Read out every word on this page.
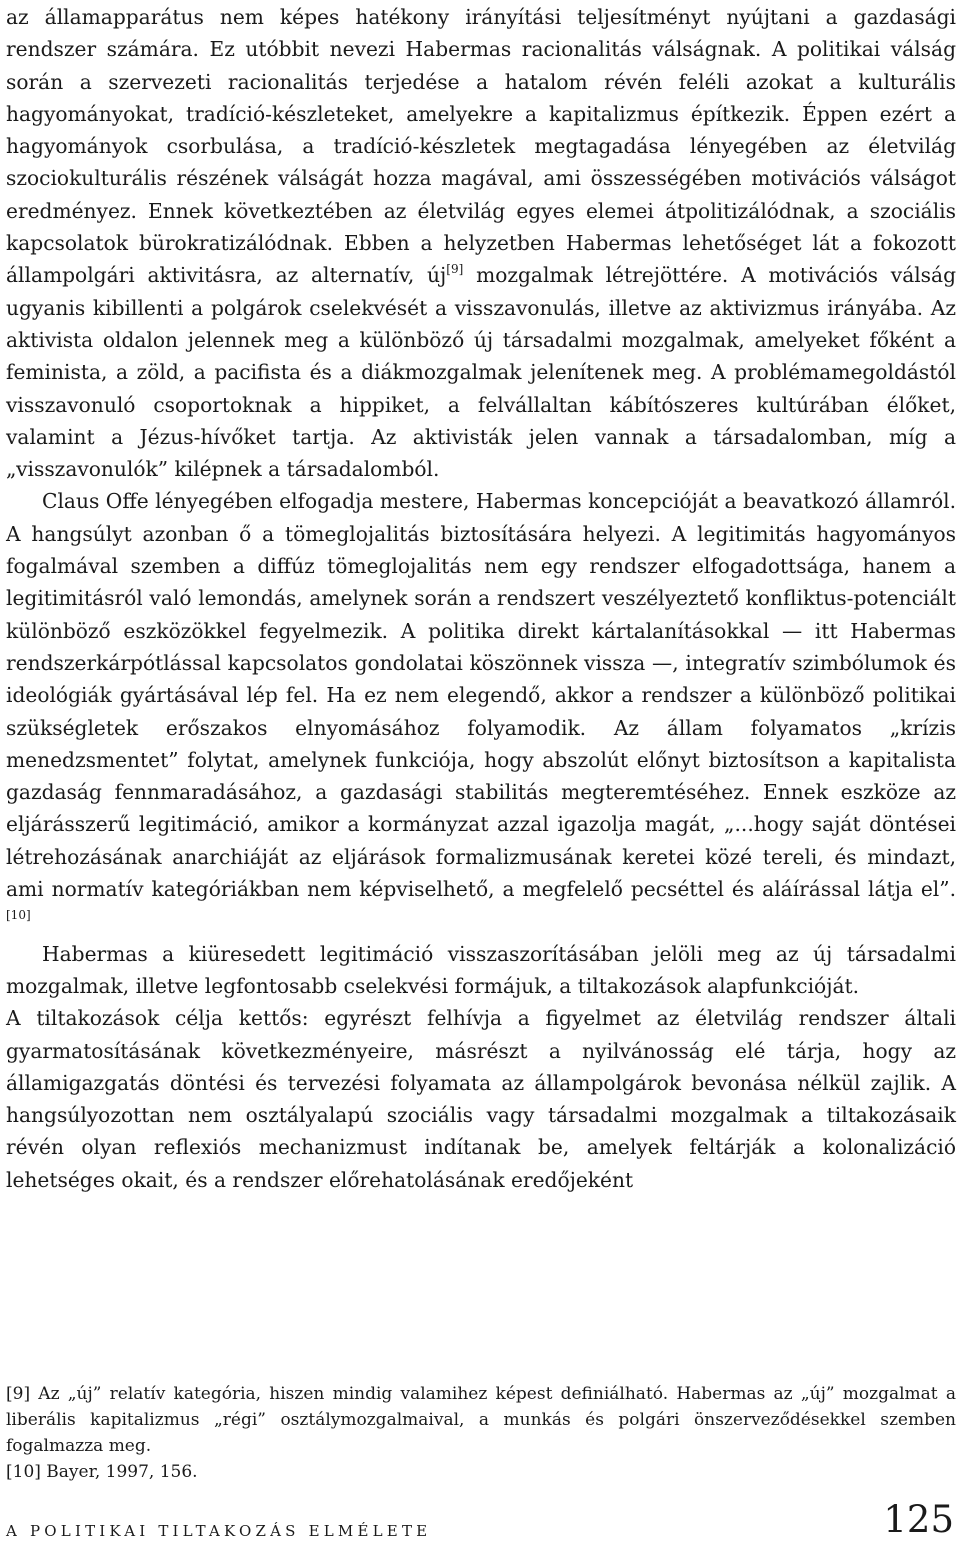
az államapparátus nem képes hatékony irányítási teljesítményt nyújtani a gazdasági rendszer számára. Ez utóbbit nevezi Habermas racionalitás válságnak. A politikai válság során a szervezeti racionalitás terjedése a hatalom révén feléli azokat a kulturális hagyományokat, tradíció-készleteket, amelyekre a kapitalizmus építkezik. Éppen ezért a hagyományok csorbulása, a tradíció-készletek megtagadása lényegében az életvilág szociokulturális részének válságát hozza magával, ami összességében motivációs válságot eredményez. Ennek következtében az életvilág egyes elemei átpolitizálódnak, a szociális kapcsolatok bürokratizálódnak. Ebben a helyzetben Habermas lehetőséget lát a fokozott állampolgári aktivitásra, az alternatív, új[9] mozgalmak létrejöttére. A motivációs válság ugyanis kibillenti a polgárok cselekvését a visszavonulás, illetve az aktivizmus irányába. Az aktivista oldalon jelennek meg a különböző új társadalmi mozgalmak, amelyeket főként a feminista, a zöld, a pacifista és a diákmozgalmak jelenítenek meg. A problémamegoldástól visszavonuló csoportoknak a hippiket, a felvállaltan kábítószeres kultúrában élőket, valamint a Jézus-hívőket tartja. Az aktivisták jelen vannak a társadalomban, míg a „visszavonulók” kilépnek a társadalomból.

Claus Offe lényegében elfogadja mestere, Habermas koncepcióját a beavatkozó államról. A hangsúlyt azonban ő a tömeglojalitás biztosítására helyezi. A legitimitás hagyományos fogalmával szemben a diffúz tömeglojalitás nem egy rendszer elfogadottsága, hanem a legitimitásról való lemondás, amelynek során a rendszert veszélyeztető konfliktus-potenciált különböző eszközökkel fegyelmezik. A politika direkt kártalanításokkal — itt Habermas rendszerkárpótlással kapcsolatos gondolatai köszönnek vissza —, integratív szimbólumok és ideológiák gyártásával lép fel. Ha ez nem elegendő, akkor a rendszer a különböző politikai szükségletek erőszakos elnyomásához folyamodik. Az állam folyamatos „krízis menedzsmentet” folytat, amelynek funkciója, hogy abszolút előnyt biztosítson a kapitalista gazdaság fennmaradásához, a gazdasági stabilitás megteremtéséhez. Ennek eszköze az eljárásszerű legitimáció, amikor a kormányzat azzal igazolja magát, „...hogy saját döntései létrehozásának anarchiáját az eljárások formalizmusának keretei közé tereli, és mindazt, ami normatív kategóriákban nem képviselhető, a megfelelő pecséttel és aláírással látja el”. [10]

Habermas a kiüresedett legitimáció visszaszorításában jelöli meg az új társadalmi mozgalmak, illetve legfontosabb cselekvési formájuk, a tiltakozások alapfunkcióját.

A tiltakozások célja kettős: egyrészt felhívja a figyelmet az életvilág rendszer általi gyarmatosításának következményeire, másrészt a nyilvánosság elé tárja, hogy az államigazgatás döntési és tervezési folyamata az állampolgárok bevonása nélkül zajlik. A hangsúlyozottan nem osztályalapú szociális vagy társadalmi mozgalmak a tiltakozásaik révén olyan reflexiós mechanizmust indítanak be, amelyek feltárják a kolonalizáció lehetséges okait, és a rendszer előrehatolásának eredőjeként

[9] Az „új” relatív kategória, hiszen mindig valamihez képest definiálható. Habermas az „új” mozgalmat a liberális kapitalizmus „régi” osztálymozgalmaival, a munkás és polgári önszerveződésekkel szemben fogalmazza meg.

[10] Bayer, 1997, 156.

A POLITIKAI TILTAKOZÁS ELMÉLETE	125
